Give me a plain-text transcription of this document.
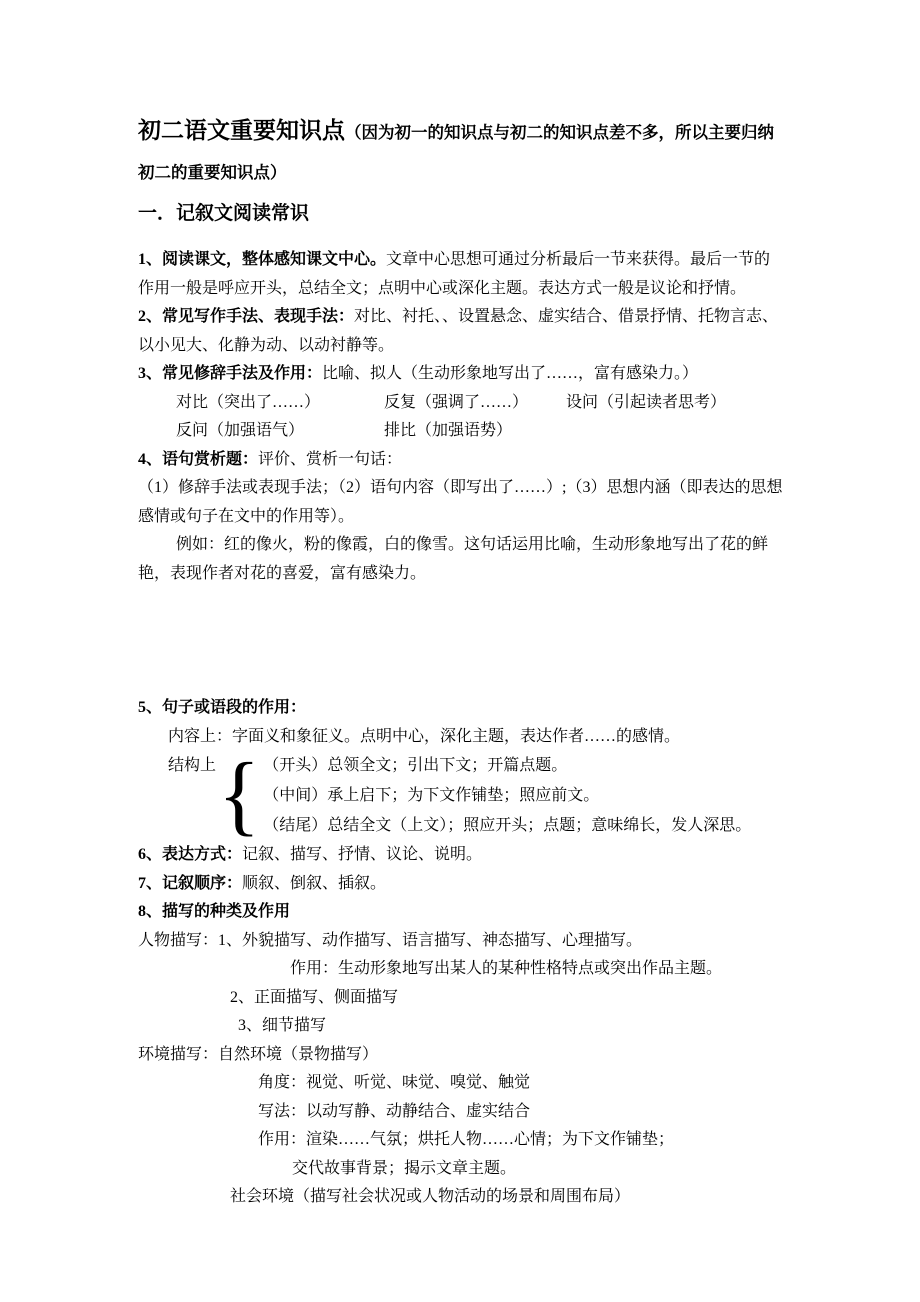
初二语文重要知识点（因为初一的知识点与初二的知识点差不多，所以主要归纳
初二的重要知识点）
一．记叙文阅读常识
1、阅读课文，整体感知课文中心。文章中心思想可通过分析最后一节来获得。最后一节的
作用一般是呼应开头，总结全文；点明中心或深化主题。表达方式一般是议论和抒情。
2、常见写作手法、表现手法：对比、衬托、、设置悬念、虚实结合、借景抒情、托物言志、
以小见大、化静为动、以动衬静等。
3、常见修辞手法及作用：比喻、拟人（生动形象地写出了……，富有感染力。）
对比（突出了……）	反复（强调了……） 设问（引起读者思考）
反问（加强语气）	排比（加强语势）
4、语句赏析题：评价、赏析一句话：
（1）修辞手法或表现手法；（2）语句内容（即写出了……）;（3）思想内涵（即表达的思想
感情或句子在文中的作用等）。
例如：红的像火，粉的像霞，白的像雪。这句话运用比喻，生动形象地写出了花的鲜
艳，表现作者对花的喜爱，富有感染力。
5、句子或语段的作用：
内容上：字面义和象征义。点明中心，深化主题，表达作者……的感情。
结构上 { （开头）总领全文；引出下文；开篇点题。
（中间）承上启下；为下文作铺垫；照应前文。
（结尾）总结全文（上文）；照应开头；点题；意味绵长，发人深思。
6、表达方式：记叙、描写、抒情、议论、说明。
7、记叙顺序：顺叙、倒叙、插叙。
8、描写的种类及作用
人物描写：1、外貌描写、动作描写、语言描写、神态描写、心理描写。
作用：生动形象地写出某人的某种性格特点或突出作品主题。
2、正面描写、侧面描写
3、细节描写
环境描写：自然环境（景物描写）
角度：视觉、听觉、味觉、嗅觉、触觉
写法：以动写静、动静结合、虚实结合
作用：渲染……气氛；烘托人物……心情；为下文作铺垫；
交代故事背景；揭示文章主题。
社会环境（描写社会状况或人物活动的场景和周围布局）
